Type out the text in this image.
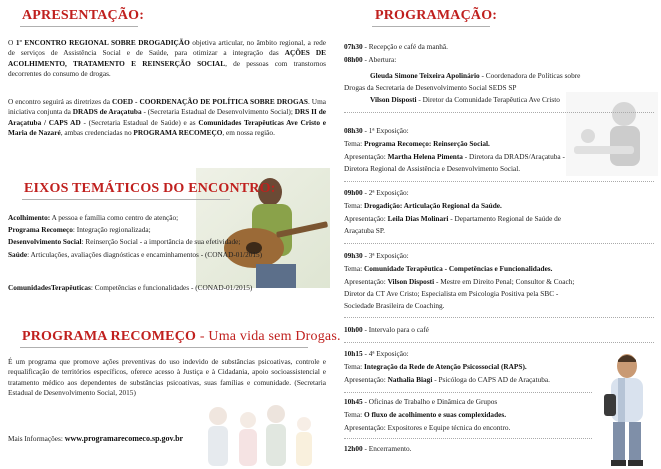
APRESENTAÇÃO:
O 1º ENCONTRO REGIONAL SOBRE DROGADIÇÃO objetiva articular, no âmbito regional, a rede de serviços de Assistência Social e de Saúde, para otimizar a integração das AÇÕES DE ACOLHIMENTO, TRATAMENTO E REINSERÇÃO SOCIAL, de pessoas com transtornos decorrentes do consumo de drogas.
O encontro seguirá as diretrizes da COED - COORDENAÇÃO DE POLÍTICA SOBRE DROGAS. Uma iniciativa conjunta da DRADS de Araçatuba - (Secretaria Estadual de Desenvolvimento Social); DRS II de Araçatuba / CAPS AD - (Secretaria Estadual de Saúde) e as Comunidades Terapêuticas Ave Cristo e Maria de Nazaré, ambas credenciadas no PROGRAMA RECOMEÇO, em nossa região.
EIXOS TEMÁTICOS DO ENCONTRO:
Acolhimento: A pessoa e família como centro de atenção;
Programa Recomeço: Integração regionalizada;
Desenvolvimento Social: Reinserção Social - a importância de sua efetividade;
Saúde: Articulações, avaliações diagnósticas e encaminhamentos - (CONAD-01/2015)
ComunidadesTerapêuticas: Competências e funcionalidades - (CONAD-01/2015)
PROGRAMA RECOMEÇO - Uma vida sem Drogas.
É um programa que promove ações preventivas do uso indevido de substâncias psicoativas, controle e requalificação de territórios específicos, oferece acesso à Justiça e à Cidadania, apoio socioassistencial e tratamento médico aos dependentes de substâncias psicoativas, suas famílias e comunidade. (Secretaria Estadual de Desenvolvimento Social, 2015)
Mais Informações: www.programarecomeco.sp.gov.br
PROGRAMAÇÃO:
07h30 - Recepção e café da manhã.
08h00 - Abertura:
Gleuda Simone Teixeira Apolinário - Coordenadora de Políticas sobre
Drogas da Secretaria de Desenvolvimento Social SEDS SP
Vilson Disposti - Diretor da Comunidade Terapêutica Ave Cristo
08h30 - 1ª Exposição:
Tema: Programa Recomeço: Reinserção Social.
Apresentação: Martha Helena Pimenta - Diretora da DRADS/Araçatuba -
Diretora Regional de Assistência e Desenvolvimento Social.
09h00 - 2ª Exposição:
Tema: Drogadição: Articulação Regional da Saúde.
Apresentação: Leila Dias Molinari - Departamento Regional de Saúde de
Araçatuba SP.
09h30 - 3ª Exposição:
Tema: Comunidade Terapêutica - Competências e Funcionalidades.
Apresentação: Vilson Disposti - Mestre em Direito Penal; Consultor & Coach;
Diretor da CT Ave Cristo; Especialista em Psicologia Positiva pela SBC -
Sociedade Brasileira de Coaching.
10h00 - Intervalo para o café
10h15 - 4ª Exposição:
Tema: Integração da Rede de Atenção Psicossocial (RAPS).
Apresentação: Nathalia Biagi - Psicóloga do CAPS AD de Araçatuba.
10h45 - Oficinas de Trabalho e Dinâmica de Grupos
Tema: O fluxo de acolhimento e suas complexidades.
Apresentação: Expositores e Equipe técnica do encontro.
12h00 - Encerramento.
